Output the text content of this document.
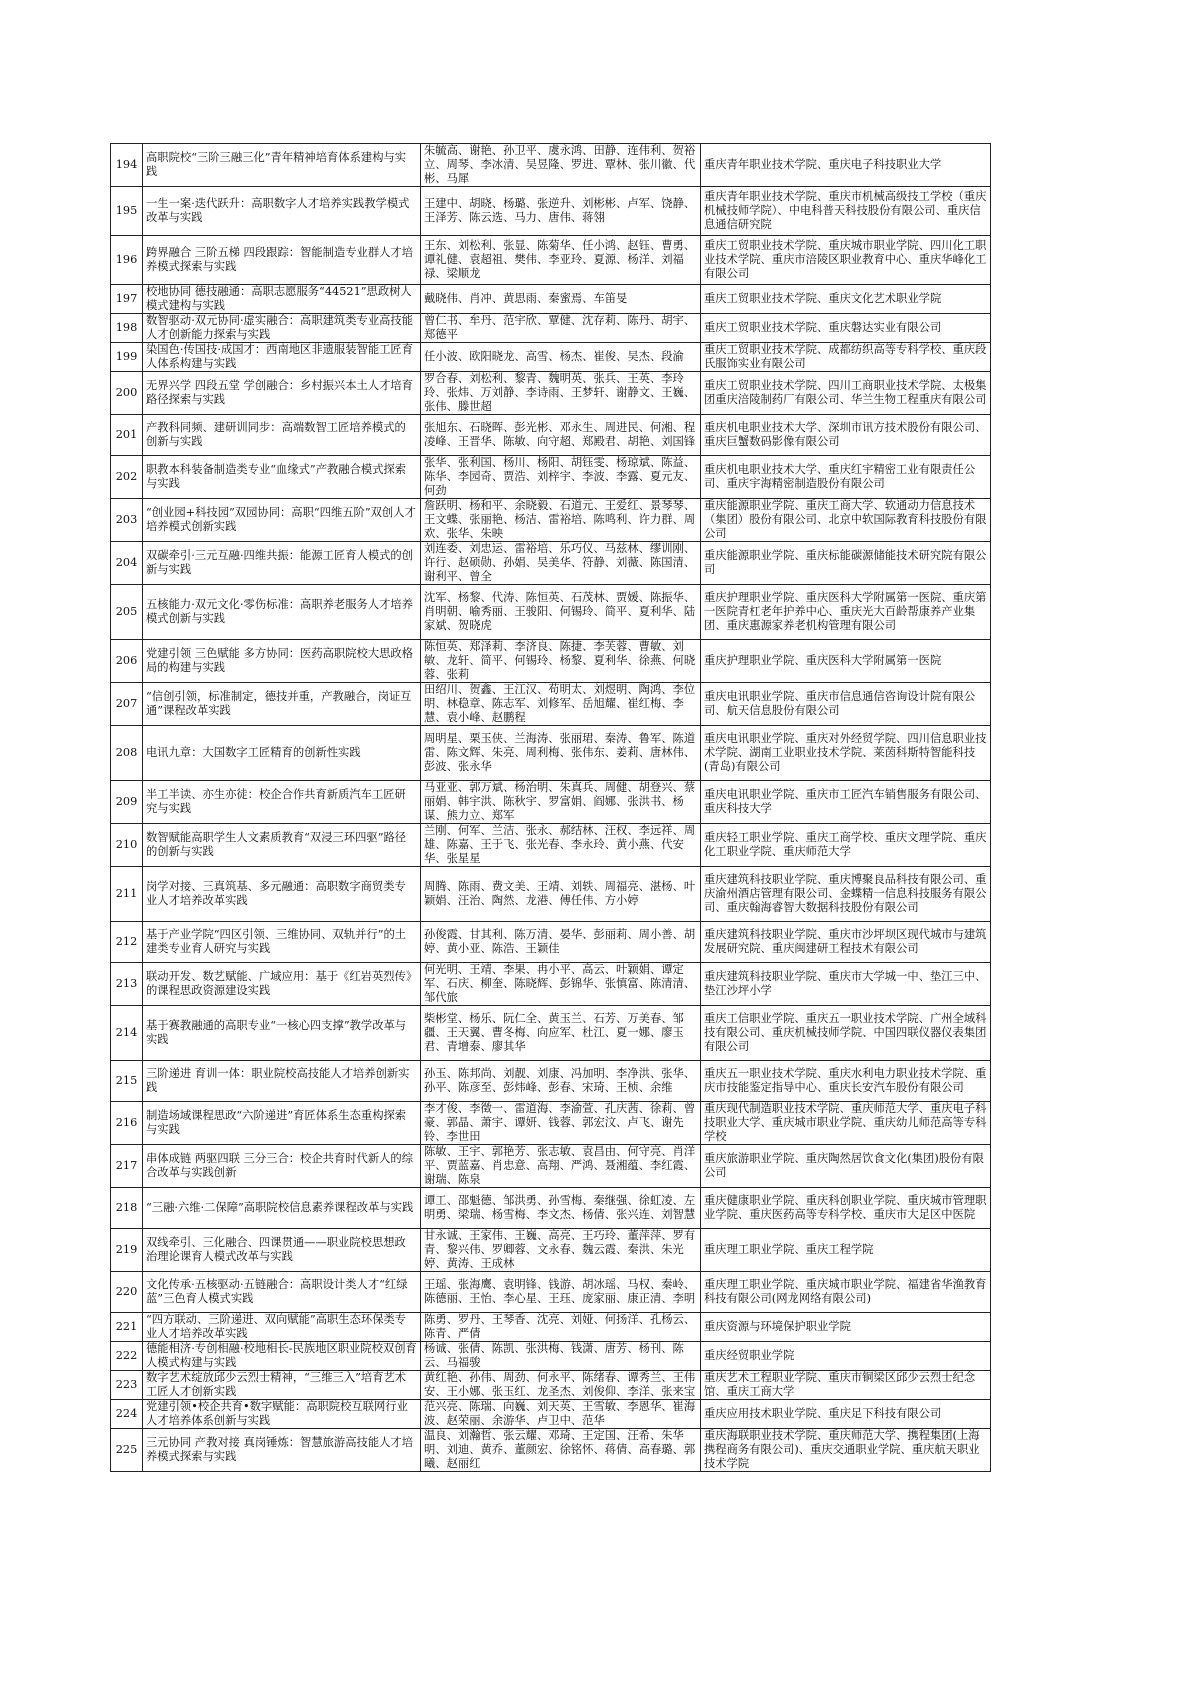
194	高职院校“三阶三融三化”青年精神培育体系建构与实践	朱毓高、谢艳、孙卫平、虞永鸿、田静、连伟利、贺裕立、周琴、李冰清、吴昱隆、罗进、覃林、张川徽、代彬、马犀	重庆青年职业技术学院、重庆电子科技职业大学
195	一生一案·迭代跃升：高职数字人才培养实践教学模式改革与实践	王建中、胡晓、杨璐、张逆升、刘彬彬、卢军、饶静、王泽芳、陈云选、马力、唐伟、蒋翎	重庆青年职业技术学院、重庆市机械高级技工学校（重庆机械技师学院）、中电科普天科技股份有限公司、重庆信息通信研究院
196	跨界融合 三阶五梯 四段跟踪：智能制造专业群人才培养模式探索与实践	王东、刘松利、张显、陈菊华、任小鸿、赵钰、曹勇、谭礼健、袁超祖、樊伟、李亚玲、夏源、杨洋、刘福禄、梁顺龙	重庆工贸职业技术学院、重庆城市职业学院、四川化工职业技术学院、重庆市涪陵区职业教育中心、重庆华峰化工有限公司
197	校地协同 德技融通：高职志愿服务“44521”思政树人模式建构与实践	戴晓伟、肖冲、黄思雨、秦蜜焉、车笛旻	重庆工贸职业技术学院、重庆文化艺术职业学院
198	数智驱动·双元协同·虚实融合：高职建筑类专业高技能人才创新能力探索与实践	曾仁书、牟丹、范宇欣、覃健、沈存莉、陈丹、胡宇、郑德平	重庆工贸职业技术学院、重庆磐达实业有限公司
199	染国色·传国技·成国才：西南地区非遗服装智能工匠育人体系构建与实践	任小波、欧阳晓龙、高雪、杨杰、崔俊、吴杰、段渝	重庆工贸职业技术学院、成都纺织高等专科学校、重庆段氏服饰实业有限公司
200	无界兴学 四段五堂 学创融合：乡村振兴本土人才培育路径探索与实践	罗合春、刘松利、黎青、魏明英、张兵、王英、李玲玲、张炜、万刘静、李诗雨、王梦轩、谢静文、王巍、张伟、滕世超	重庆工贸职业技术学院、四川工商职业技术学院、太极集团重庆涪陵制药厂有限公司、华兰生物工程重庆有限公司
201	产教科同频、建研训同步：高端数智工匠培养模式的创新与实践	张旭东、石晓晖、彭光彬、邓永生、周进民、何湘、程凌峰、王晋华、陈敏、向守超、郑殿君、胡艳、刘国锋	重庆机电职业技术大学、深圳市讯方技术股份有限公司、重庆巨蟹数码影像有限公司
202	职教本科装备制造类专业“血缘式”产教融合模式探索与实践	张华、张利国、杨川、杨阳、胡钰雯、杨琼斌、陈益、陈华、李园奇、贾浩、刘梓宇、李波、李露、夏元友、何劲	重庆机电职业技术大学、重庆红宇精密工业有限责任公司、重庆宇海精密制造股份有限公司
203	“创业园+科技园”双园协同：高职“四维五阶”双创人才培养模式创新实践	詹跃明、杨和平、余晓毅、石道元、王爱红、景琴琴、王文蝶、张丽艳、杨洁、雷裕培、陈鸣利、许力群、周欢、张华、朱映	重庆能源职业学院、重庆工商大学、软通动力信息技术（集团）股份有限公司、北京中软国际教育科技股份有限公司
204	双碳牵引·三元互融·四维共振：能源工匠育人模式的创新与实践	刘连委、刘忠运、雷裕培、乐巧仪、马兹林、缪训刚、许行、赵硕勋、孙娟、吴美华、符静、刘薇、陈国清、谢利平、曾全	重庆能源职业学院、重庆标能碳源储能技术研究院有限公司
205	五核能力·双元文化·零伤标准：高职养老服务人才培养模式创新与实践	沈军、杨黎、代涛、陈恒英、石茂林、贾媛、陈振华、肖明朝、喻秀丽、王骏阳、何锡玲、简平、夏利华、陆家斌、贺晓虎	重庆护理职业学院、重庆医科大学附属第一医院、重庆第一医院青杠老年护养中心、重庆光大百龄帮康养产业集团、重庆惠源家养老机构管理有限公司
206	党建引领 三色赋能 多方协同：医药高职院校大思政格局的构建与实践	陈恒英、郑泽莉、李济良、陈捷、李芙蓉、曹敏、刘敏、龙轩、简平、何锡玲、杨黎、夏利华、徐燕、何晓蓉、张莉	重庆护理职业学院、重庆医科大学附属第一医院
207	“信创引领，标准制定，德技并重，产教融合，岗证互通”课程改革实践	田绍川、贺鑫、王江汉、苟明太、刘煜明、陶鸿、李位明、林稳章、陈志军、刘修军、岳旭耀、崔红梅、李慧、袁小峰、赵鹏程	重庆电讯职业学院、重庆市信息通信咨询设计院有限公司、航天信息股份有限公司
208	电讯九章：大国数字工匠精育的创新性实践	周明星、栗玉侠、兰海涛、张丽珺、秦涛、鲁军、陈道雷、陈文辉、朱亮、周利梅、张伟东、姜莉、唐林伟、彭波、张永华	重庆电讯职业学院、重庆对外经贸学院、四川信息职业技术学院、湖南工业职业技术学院、莱茵科斯特智能科技(青岛)有限公司
209	半工半读、亦生亦徒：校企合作共育新质汽车工匠研究与实践	马亚亚、郭万斌、杨治明、朱真兵、周健、胡登兴、蔡丽娟、韩宇洪、陈秋宇、罗富娟、阎娜、张洪书、杨谋、熊力立、郑军	重庆电讯职业学院、重庆市工匠汽车销售服务有限公司、重庆科技大学
210	数智赋能高职学生人文素质教育“双浸三环四驱”路径的创新与实践	兰刚、何军、兰洁、张永、郝结林、汪权、李远祥、周雄、陈嘉、王于飞、张光春、李永玲、黄小燕、代安华、张星星	重庆轻工职业学院、重庆工商学校、重庆文理学院、重庆化工职业学院、重庆师范大学
211	岗学对接、三真筑基、多元融通：高职数字商贸类专业人才培养改革实践	周腾、陈雨、费文美、王靖、刘轶、周福亮、湛杨、叶颖娟、汪治、陶然、龙港、傅任伟、方小婷	重庆建筑科技职业学院、重庆博聚良品科技有限公司、重庆渝州酒店管理有限公司、金蝶精一信息科技服务有限公司、重庆翰海睿智大数据科技股份有限公司
212	基于产业学院“四区引领、三维协同、双轨并行”的土建类专业育人研究与实践	孙俊霞、甘其利、陈万清、晏华、彭丽莉、周小善、胡婷、黄小亚、陈浩、王颖佳	重庆建筑科技职业学院、重庆市沙坪坝区现代城市与建筑发展研究院、重庆闽建研工程技术有限公司
213	联动开发、数艺赋能、广域应用：基于《红岩英烈传》的课程思政资源建设实践	何光明、王靖、李果、冉小平、高云、叶颖娟、谭定军、石庆、柳奎、陈晓辉、彭锦华、张慎富、陈清清、邹代旅	重庆建筑科技职业学院、重庆市大学城一中、垫江三中、垫江沙坪小学
214	基于赛教融通的高职专业“一核心四支撑”教学改革与实践	柴彬堂、杨乐、阮仁全、黄玉兰、石芳、万美春、邹疆、王天翼、曹冬梅、向应军、杜江、夏一娜、廖玉君、青增泰、廖其华	重庆工信职业学院、重庆五一职业技术学院、广州全域科技有限公司、重庆机械技师学院、中国四联仪器仪表集团有限公司
215	三阶递进 育训一体：职业院校高技能人才培养创新实践	孙玉、陈邦尚、刘靓、刘康、冯加明、李净洪、张华、孙平、陈彦至、彭炜峰、彭春、宋琦、王桢、余维	重庆五一职业技术学院、重庆水利电力职业技术学院、重庆市技能鉴定指导中心、重庆长安汽车股份有限公司
216	制造场域课程思政“六阶递进”育匠体系生态重构探索与实践	李才俊、李徵一、雷道海、李渝萱、孔庆茜、徐莉、曾豪、郭晶、萧宇、谭妍、钱蓉、郭宏汶、卢飞、谢先铃、李世田	重庆现代制造职业技术学院、重庆师范大学、重庆电子科技职业大学、重庆城市职业学院、重庆幼儿师范高等专科学校
217	串体成链 两驱四联 三分三合：校企共育时代新人的综合改革与实践创新	陈敏、王宇、郭艳芳、张志敏、袁昌由、何守亮、肖洋平、贾蓝嘉、肖忠意、高翔、严鸿、聂湘蕴、李红霞、谢瑞、陈泉	重庆旅游职业学院、重庆陶然居饮食文化(集团)股份有限公司
218	“三融·六维·二保障”高职院校信息素养课程改革与实践	谭工、邵魁德、邹洪勇、孙雪梅、秦继强、徐虹凌、左明勇、梁瑞、杨雪梅、李文杰、杨倩、张兴连、刘智慧	重庆健康职业学院、重庆科创职业学院、重庆城市管理职业学院、重庆医药高等专科学校、重庆市大足区中医院
219	双线牵引、三化融合、四课贯通——职业院校思想政治理论课育人模式改革与实践	甘永诚、王家伟、王巍、高亮、王巧玲、董萍萍、罗有青、黎兴伟、罗卿蓉、文永春、魏云霞、秦洪、朱光婷、黄涛、王成林	重庆理工职业学院、重庆工程学院
220	文化传承·五核驱动·五链融合：高职设计类人才“红绿蓝”三色育人模式实践	王瑶、张海鹰、袁明锋、钱游、胡冰瑶、马权、秦岭、陈德丽、王怡、李心星、王珏、庞家丽、康正清、李明	重庆理工职业学院、重庆城市职业学院、福建省华渔教育科技有限公司(网龙网络有限公司)
221	“四方联动、三阶递进、双向赋能”高职生态环保类专业人才培养改革实践	陈勇、罗丹、王琴香、沈亮、刘娅、何扬洋、孔杨云、陈青、严倩	重庆资源与环境保护职业学院
222	德能相济·专创相融·校地相长-民族地区职业院校双创育人模式构建与实践	杨诚、张倩、陈凯、张洪梅、钱潇、唐芳、杨刊、陈云、马福骏	重庆经贸职业学院
223	数字艺术绽放邱少云烈士精神，“三维三入”培育艺术工匠人才创新实践	黄红艳、孙伟、周劲、何永平、陈绪春、谭秀兰、王伟安、王小娜、张玉红、龙圣杰、刘俊仰、李洋、张来宝	重庆艺术工程职业学院、重庆市铜梁区邱少云烈士纪念馆、重庆工商大学
224	党建引领•校企共育•数字赋能：高职院校互联网行业人才培养体系创新与实践	范兴亮、陈瑞、向巍、刘天英、王雪敏、李恩华、崔海波、赵荣丽、余游华、卢卫中、范华	重庆应用技术职业学院、重庆足下科技有限公司
225	三元协同 产教对接 真岗锤炼：智慧旅游高技能人才培养模式探索与实践	温良、刘瀚哲、张云耀、邓琦、王定国、汪希、朱华明、刘迪、黄乔、董颜宏、徐铭怀、蒋倩、高春璐、郭曦、赵丽红	重庆海联职业技术学院、重庆师范大学、携程集团(上海携程商务有限公司)、重庆交通职业学院、重庆航天职业技术学院
